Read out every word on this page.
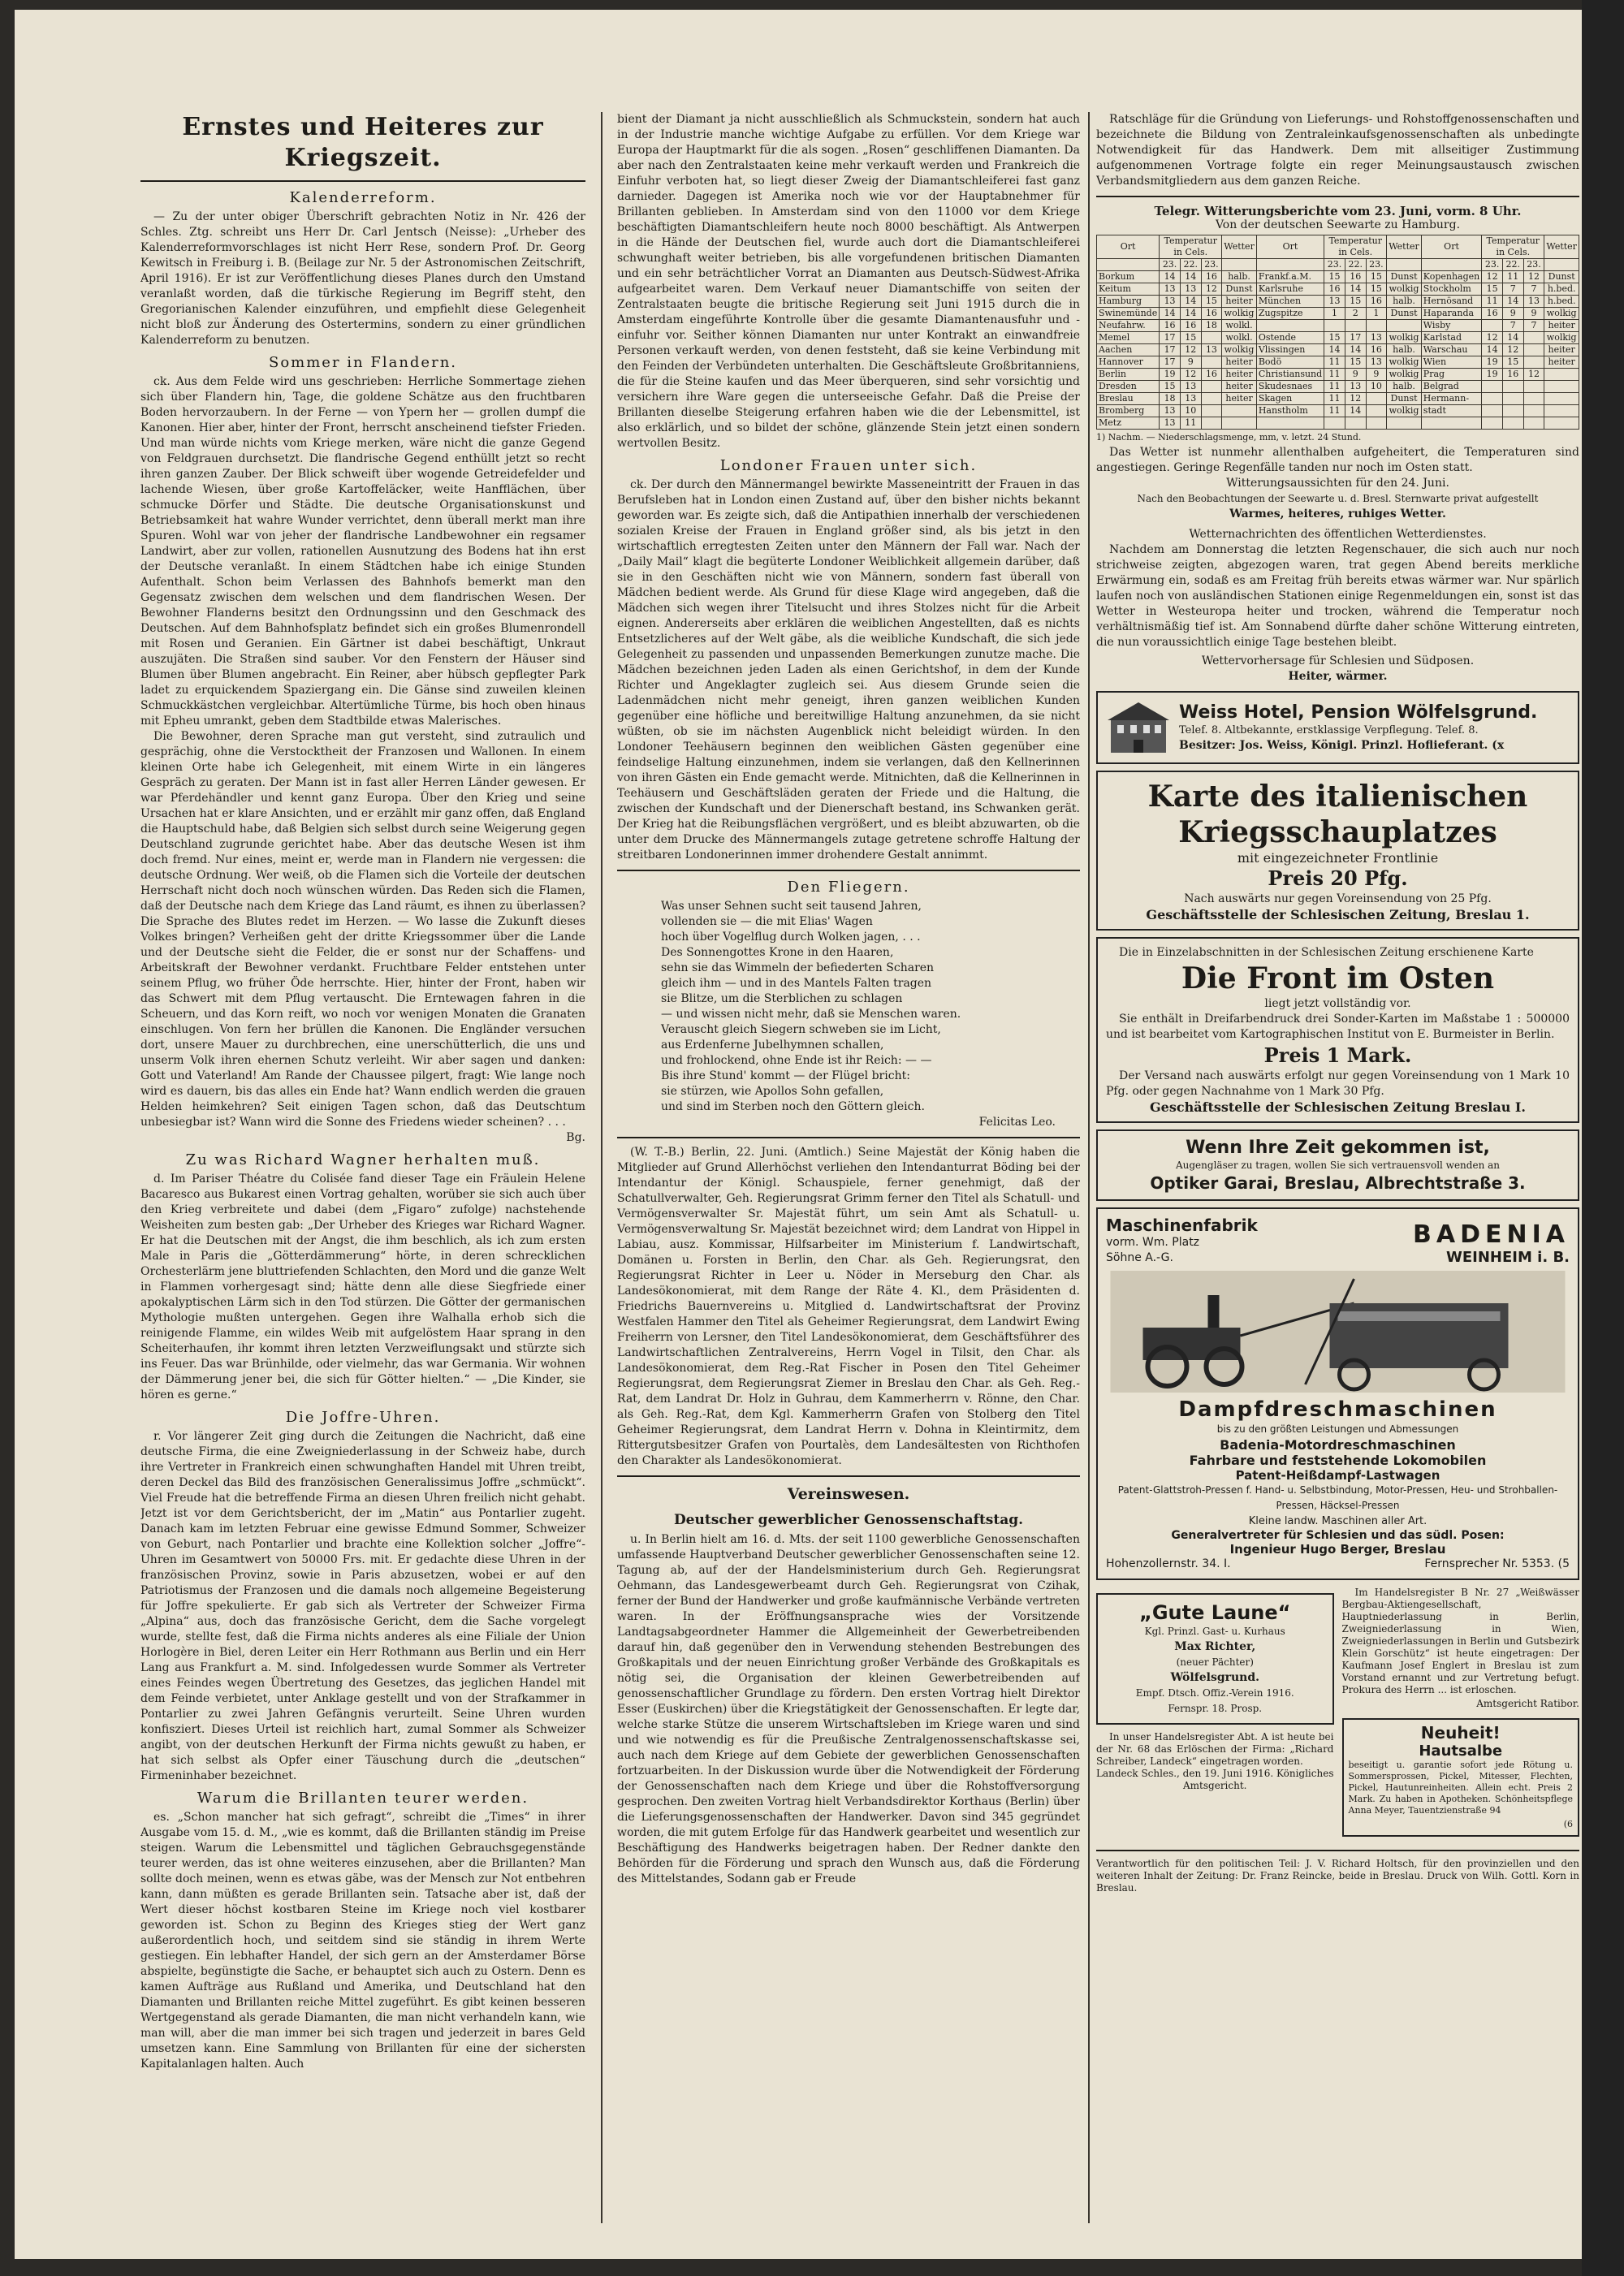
Ernstes und Heiteres zur Kriegszeit.
Kalenderreform.

— Zu der unter obiger Überschrift gebrachten Notiz in Nr. 426 der Schles. Ztg. schreibt uns Herr Dr. Carl Jentsch (Neisse): „Urheber des Kalenderreformvorschlages ist nicht Herr Rese, sondern Prof. Dr. Georg Kewitsch in Freiburg i. B. (Beilage zur Nr. 5 der Astronomischen Zeitschrift, April 1916). Er ist zur Veröffentlichung dieses Planes durch den Umstand veranlaßt worden, daß die türkische Regierung im Begriff steht, den Gregorianischen Kalender einzuführen, und empfiehlt diese Gelegenheit nicht bloß zur Änderung des Ostertermins, sondern zu einer gründlichen Kalenderreform zu benutzen.

Sommer in Flandern.

ck. Aus dem Felde wird uns geschrieben: Herrliche Sommertage ziehen sich über Flandern hin, Tage, die goldene Schätze aus den fruchtbaren Boden hervorzaubern. In der Ferne — von Ypern her — grollen dumpf die Kanonen. Hier aber, hinter der Front, herrscht anscheinend tiefster Frieden. Und man würde nichts vom Kriege merken, wäre nicht die ganze Gegend von Feldgrauen durchsetzt. Die flandrische Gegend enthüllt jetzt so recht ihren ganzen Zauber. Der Blick schweift über wogende Getreidefelder und lachende Wiesen, über große Kartoffeläcker, weite Hanfflächen, über schmucke Dörfer und Städte. Die deutsche Organisationskunst und Betriebsamkeit hat wahre Wunder verrichtet, denn überall merkt man ihre Spuren. Wohl war von jeher der flandrische Landbewohner ein regsamer Landwirt, aber zur vollen, rationellen Ausnutzung des Bodens hat ihn erst der Deutsche veranlaßt. In einem Städtchen habe ich einige Stunden Aufenthalt. Schon beim Verlassen des Bahnhofs bemerkt man den Gegensatz zwischen dem welschen und dem flandrischen Wesen. Der Bewohner Flanderns besitzt den Ordnungssinn und den Geschmack des Deutschen. Auf dem Bahnhofsplatz befindet sich ein großes Blumenrondell mit Rosen und Geranien. Ein Gärtner ist dabei beschäftigt, Unkraut auszujäten. Die Straßen sind sauber. Vor den Fenstern der Häuser sind Blumen über Blumen angebracht. Ein Reiner, aber hübsch gepflegter Park ladet zu erquickendem Spaziergang ein. Die Gänse sind zuweilen kleinen Schmuckkästchen vergleichbar. Altertümliche Türme, bis hoch oben hinaus mit Epheu umrankt, geben dem Stadtbilde etwas Malerisches.

Die Bewohner, deren Sprache man gut versteht, sind zutraulich und gesprächig, ohne die Verstocktheit der Franzosen und Wallonen. In einem kleinen Orte habe ich Gelegenheit, mit einem Wirte in ein längeres Gespräch zu geraten. Der Mann ist in fast aller Herren Länder gewesen. Er war Pferdehändler und kennt ganz Europa. Über den Krieg und seine Ursachen hat er klare Ansichten, und er erzählt mir ganz offen, daß England die Hauptschuld habe, daß Belgien sich selbst durch seine Weigerung gegen Deutschland zugrunde gerichtet habe. Aber das deutsche Wesen ist ihm doch fremd. Nur eines, meint er, werde man in Flandern nie vergessen: die deutsche Ordnung. Wer weiß, ob die Flamen sich die Vorteile der deutschen Herrschaft nicht doch noch wünschen würden. Das Reden sich die Flamen, daß der Deutsche nach dem Kriege das Land räumt, es ihnen zu überlassen? Die Sprache des Blutes redet im Herzen. — Wo lasse die Zukunft dieses Volkes bringen? Verheißen geht der dritte Kriegssommer über die Lande und der Deutsche sieht die Felder, die er sonst nur der Schaffens- und Arbeitskraft der Bewohner verdankt. Fruchtbare Felder entstehen unter seinem Pflug, wo früher Öde herrschte. Hier, hinter der Front, haben wir das Schwert mit dem Pflug vertauscht. Die Erntewagen fahren in die Scheuern, und das Korn reift, wo noch vor wenigen Monaten die Granaten einschlugen. Von fern her brüllen die Kanonen. Die Engländer versuchen dort, unsere Mauer zu durchbrechen, eine unerschütterlich, die uns und unserm Volk ihren ehernen Schutz verleiht. Wir aber sagen und danken: Gott und Vaterland! Am Rande der Chaussee pilgert, fragt: Wie lange noch wird es dauern, bis das alles ein Ende hat? Wann endlich werden die grauen Helden heimkehren? Seit einigen Tagen schon, daß das Deutschtum unbesiegbar ist? Wann wird die Sonne des Friedens wieder scheinen? . . .

Bg.

Zu was Richard Wagner herhalten muß.

d. Im Pariser Théatre du Colisée fand dieser Tage ein Fräulein Helene Bacaresco aus Bukarest einen Vortrag gehalten, worüber sie sich auch über den Krieg verbreitete und dabei (dem „Figaro“ zufolge) nachstehende Weisheiten zum besten gab: „Der Urheber des Krieges war Richard Wagner. Er hat die Deutschen mit der Angst, die ihm beschlich, als ich zum ersten Male in Paris die „Götterdämmerung“ hörte, in deren schrecklichen Orchesterlärm jene bluttriefenden Schlachten, den Mord und die ganze Welt in Flammen vorhergesagt sind; hätte denn alle diese Siegfriede einer apokalyptischen Lärm sich in den Tod stürzen. Die Götter der germanischen Mythologie mußten untergehen. Gegen ihre Walhalla erhob sich die reinigende Flamme, ein wildes Weib mit aufgelöstem Haar sprang in den Scheiterhaufen, ihr kommt ihren letzten Verzweiflungsakt und stürzte sich ins Feuer. Das war Brünhilde, oder vielmehr, das war Germania. Wir wohnen der Dämmerung jener bei, die sich für Götter hielten.“ — „Die Kinder, sie hören es gerne.“

Die Joffre-Uhren.

r. Vor längerer Zeit ging durch die Zeitungen die Nachricht, daß eine deutsche Firma, die eine Zweigniederlassung in der Schweiz habe, durch ihre Vertreter in Frankreich einen schwunghaften Handel mit Uhren treibt, deren Deckel das Bild des französischen Generalissimus Joffre „schmückt“. Viel Freude hat die betreffende Firma an diesen Uhren freilich nicht gehabt. Jetzt ist vor dem Gerichtsbericht, der im „Matin“ aus Pontarlier zugeht. Danach kam im letzten Februar eine gewisse Edmund Sommer, Schweizer von Geburt, nach Pontarlier und brachte eine Kollektion solcher „Joffre“-Uhren im Gesamtwert von 50000 Frs. mit. Er gedachte diese Uhren in der französischen Provinz, sowie in Paris abzusetzen, wobei er auf den Patriotismus der Franzosen und die damals noch allgemeine Begeisterung für Joffre spekulierte. Er gab sich als Vertreter der Schweizer Firma „Alpina“ aus, doch das französische Gericht, dem die Sache vorgelegt wurde, stellte fest, daß die Firma nichts anderes als eine Filiale der Union Horlogère in Biel, deren Leiter ein Herr Rothmann aus Berlin und ein Herr Lang aus Frankfurt a. M. sind. Infolgedessen wurde Sommer als Vertreter eines Feindes wegen Übertretung des Gesetzes, das jeglichen Handel mit dem Feinde verbietet, unter Anklage gestellt und von der Strafkammer in Pontarlier zu zwei Jahren Gefängnis verurteilt. Seine Uhren wurden konfisziert. Dieses Urteil ist reichlich hart, zumal Sommer als Schweizer angibt, von der deutschen Herkunft der Firma nichts gewußt zu haben, er hat sich selbst als Opfer einer Täuschung durch die „deutschen“ Firmeninhaber bezeichnet.

Warum die Brillanten teurer werden.

es. „Schon mancher hat sich gefragt“, schreibt die „Times“ in ihrer Ausgabe vom 15. d. M., „wie es kommt, daß die Brillanten ständig im Preise steigen. Warum die Lebensmittel und täglichen Gebrauchsgegenstände teurer werden, das ist ohne weiteres einzusehen, aber die Brillanten? Man sollte doch meinen, wenn es etwas gäbe, was der Mensch zur Not entbehren kann, dann müßten es gerade Brillanten sein. Tatsache aber ist, daß der Wert dieser höchst kostbaren Steine im Kriege noch viel kostbarer geworden ist. Schon zu Beginn des Krieges stieg der Wert ganz außerordentlich hoch, und seitdem sind sie ständig in ihrem Werte gestiegen. Ein lebhafter Handel, der sich gern an der Amsterdamer Börse abspielte, begünstigte die Sache, er behauptet sich auch zu Ostern. Denn es kamen Aufträge aus Rußland und Amerika, und Deutschland hat den Diamanten und Brillanten reiche Mittel zugeführt. Es gibt keinen besseren Wertgegenstand als gerade Diamanten, die man nicht verhandeln kann, wie man will, aber die man immer bei sich tragen und jederzeit in bares Geld umsetzen kann. Eine Sammlung von Brillanten für eine der sichersten Kapitalanlagen halten. Auch

bient der Diamant ja nicht ausschließlich als Schmuckstein, sondern hat auch in der Industrie manche wichtige Aufgabe zu erfüllen. Vor dem Kriege war Europa der Hauptmarkt für die als sogen. „Rosen“ geschliffenen Diamanten. Da aber nach den Zentralstaaten keine mehr verkauft werden und Frankreich die Einfuhr verboten hat, so liegt dieser Zweig der Diamantschleiferei fast ganz darnieder. Dagegen ist Amerika noch wie vor der Hauptabnehmer für Brillanten geblieben. In Amsterdam sind von den 11000 vor dem Kriege beschäftigten Diamantschleifern heute noch 8000 beschäftigt. Als Antwerpen in die Hände der Deutschen fiel, wurde auch dort die Diamantschleiferei schwunghaft weiter betrieben, bis alle vorgefundenen britischen Diamanten und ein sehr beträchtlicher Vorrat an Diamanten aus Deutsch-Südwest-Afrika aufgearbeitet waren. Dem Verkauf neuer Diamantschiffe von seiten der Zentralstaaten beugte die britische Regierung seit Juni 1915 durch die in Amsterdam eingeführte Kontrolle über die gesamte Diamantenausfuhr und -einfuhr vor. Seither können Diamanten nur unter Kontrakt an einwandfreie Personen verkauft werden, von denen feststeht, daß sie keine Verbindung mit den Feinden der Verbündeten unterhalten. Die Geschäftsleute Großbritanniens, die für die Steine kaufen und das Meer überqueren, sind sehr vorsichtig und versichern ihre Ware gegen die unterseeische Gefahr. Daß die Preise der Brillanten dieselbe Steigerung erfahren haben wie die der Lebensmittel, ist also erklärlich, und so bildet der schöne, glänzende Stein jetzt einen sondern wertvollen Besitz.

Londoner Frauen unter sich.

ck. Der durch den Männermangel bewirkte Masseneintritt der Frauen in das Berufsleben hat in London einen Zustand auf, über den bisher nichts bekannt geworden war. Es zeigte sich, daß die Antipathien innerhalb der verschiedenen sozialen Kreise der Frauen in England größer sind, als bis jetzt in den wirtschaftlich erregtesten Zeiten unter den Männern der Fall war. Nach der „Daily Mail“ klagt die begüterte Londoner Weiblichkeit allgemein darüber, daß sie in den Geschäften nicht wie von Männern, sondern fast überall von Mädchen bedient werde. Als Grund für diese Klage wird angegeben, daß die Mädchen sich wegen ihrer Titelsucht und ihres Stolzes nicht für die Arbeit eignen. Andererseits aber erklären die weiblichen Angestellten, daß es nichts Entsetzlicheres auf der Welt gäbe, als die weibliche Kundschaft, die sich jede Gelegenheit zu passenden und unpassenden Bemerkungen zunutze mache. Die Mädchen bezeichnen jeden Laden als einen Gerichtshof, in dem der Kunde Richter und Angeklagter zugleich sei. Aus diesem Grunde seien die Ladenmädchen nicht mehr geneigt, ihren ganzen weiblichen Kunden gegenüber eine höfliche und bereitwillige Haltung anzunehmen, da sie nicht wüßten, ob sie im nächsten Augenblick nicht beleidigt würden. In den Londoner Teehäusern beginnen den weiblichen Gästen gegenüber eine feindselige Haltung einzunehmen, indem sie verlangen, daß den Kellnerinnen von ihren Gästen ein Ende gemacht werde. Mitnichten, daß die Kellnerinnen in Teehäusern und Geschäftsläden geraten der Friede und die Haltung, die zwischen der Kundschaft und der Dienerschaft bestand, ins Schwanken gerät. Der Krieg hat die Reibungsflächen vergrößert, und es bleibt abzuwarten, ob die unter dem Drucke des Männermangels zutage getretene schroffe Haltung der streitbaren Londonerinnen immer drohendere Gestalt annimmt.

Den Fliegern.

Was unser Sehnen sucht seit tausend Jahren,

vollenden sie — die mit Elias' Wagen

hoch über Vogelflug durch Wolken jagen, . . .

Des Sonnengottes Krone in den Haaren,

sehn sie das Wimmeln der befiederten Scharen

gleich ihm — und in des Mantels Falten tragen

sie Blitze, um die Sterblichen zu schlagen

— und wissen nicht mehr, daß sie Menschen waren.

Verauscht gleich Siegern schweben sie im Licht,

aus Erdenferne Jubelhymnen schallen,

und frohlockend, ohne Ende ist ihr Reich: — —

Bis ihre Stund' kommt — der Flügel bricht:

sie stürzen, wie Apollos Sohn gefallen,

und sind im Sterben noch den Göttern gleich.

Felicitas Leo.

(W. T.-B.) Berlin, 22. Juni. (Amtlich.) Seine Majestät der König haben die Mitglieder auf Grund Allerhöchst verliehen den Intendanturrat Böding bei der Intendantur der Königl. Schauspiele, ferner genehmigt, daß der Schatullverwalter, Geh. Regierungsrat Grimm ferner den Titel als Schatull- und Vermögensverwalter Sr. Majestät führt, um sein Amt als Schatull- u. Vermögensverwaltung Sr. Majestät bezeichnet wird; dem Landrat von Hippel in Labiau, ausz. Kommissar, Hilfsarbeiter im Ministerium f. Landwirtschaft, Domänen u. Forsten in Berlin, den Char. als Geh. Regierungsrat, den Regierungsrat Richter in Leer u. Nöder in Merseburg den Char. als Landesökonomierat, mit dem Range der Räte 4. Kl., dem Präsidenten d. Friedrichs Bauernvereins u. Mitglied d. Landwirtschaftsrat der Provinz Westfalen Hammer den Titel als Geheimer Regierungsrat, dem Landwirt Ewing Freiherrn von Lersner, den Titel Landesökonomierat, dem Geschäftsführer des Landwirtschaftlichen Zentralvereins, Herrn Vogel in Tilsit, den Char. als Landesökonomierat, dem Reg.-Rat Fischer in Posen den Titel Geheimer Regierungsrat, dem Regierungsrat Ziemer in Breslau den Char. als Geh. Reg.-Rat, dem Landrat Dr. Holz in Guhrau, dem Kammerherrn v. Rönne, den Char. als Geh. Reg.-Rat, dem Kgl. Kammerherrn Grafen von Stolberg den Titel Geheimer Regierungsrat, dem Landrat Herrn v. Dohna in Kleintirmitz, dem Rittergutsbesitzer Grafen von Pourtalès, dem Landesältesten von Richthofen den Charakter als Landesökonomierat.

Vereinswesen.
Deutscher gewerblicher Genossenschaftstag.

u. In Berlin hielt am 16. d. Mts. der seit 1100 gewerbliche Genossenschaften umfassende Hauptverband Deutscher gewerblicher Genossenschaften seine 12. Tagung ab, auf der der Handelsministerium durch Geh. Regierungsrat Oehmann, das Landesgewerbeamt durch Geh. Regierungsrat von Czihak, ferner der Bund der Handwerker und große kaufmännische Verbände vertreten waren. In der Eröffnungsansprache wies der Vorsitzende Landtagsabgeordneter Hammer die Allgemeinheit der Gewerbetreibenden darauf hin, daß gegenüber den in Verwendung stehenden Bestrebungen des Großkapitals und der neuen Einrichtung großer Verbände des Großkapitals es nötig sei, die Organisation der kleinen Gewerbetreibenden auf genossenschaftlicher Grundlage zu fördern. Den ersten Vortrag hielt Direktor Esser (Euskirchen) über die Kriegstätigkeit der Genossenschaften. Er legte dar, welche starke Stütze die unserem Wirtschaftsleben im Kriege waren und sind und wie notwendig es für die Preußische Zentralgenossenschaftskasse sei, auch nach dem Kriege auf dem Gebiete der gewerblichen Genossenschaften fortzuarbeiten. In der Diskussion wurde über die Notwendigkeit der Förderung der Genossenschaften nach dem Kriege und über die Rohstoffversorgung gesprochen. Den zweiten Vortrag hielt Verbandsdirektor Korthaus (Berlin) über die Lieferungsgenossenschaften der Handwerker. Davon sind 345 gegründet worden, die mit gutem Erfolge für das Handwerk gearbeitet und wesentlich zur Beschäftigung des Handwerks beigetragen haben. Der Redner dankte den Behörden für die Förderung und sprach den Wunsch aus, daß die Förderung des Mittelstandes, Sodann gab er Freude

Ratschläge für die Gründung von Lieferungs- und Rohstoffgenossenschaften und bezeichnete die Bildung von Zentraleinkaufsgenossenschaften als unbedingte Notwendigkeit für das Handwerk. Dem mit allseitiger Zustimmung aufgenommenen Vortrage folgte ein reger Meinungsaustausch zwischen Verbandsmitgliedern aus dem ganzen Reiche.

Telegr. Witterungsberichte vom 23. Juni, vorm. 8 Uhr.
Von der deutschen Seewarte zu Hamburg.
Ort	Temperatur in Cels.			Wetter	Ort	Temperatur in Cels.			Wetter	Ort	Temperatur in Cels.			Wetter
	23.	22.	23.			23.	22.	23.			23.	22.	23.	
Borkum	14	14	16	halb.	Frankf.a.M.	15	16	15	Dunst	Kopenhagen	12	11	12	Dunst
Keitum	13	13	12	Dunst	Karlsruhe	16	14	15	wolkig	Stockholm	15	7	7	h.bed.
Hamburg	13	14	15	heiter	München	13	15	16	halb.	Hernösand	11	14	13	h.bed.
Swinemünde	14	14	16	wolkig	Zugspitze	1	2	1	Dunst	Haparanda	16	9	9	wolkig
Neufahrw.	16	16	18	wolkl.						Wisby		7	7	heiter
Memel	17	15		wolkl.	Ostende	15	17	13	wolkig	Karlstad	12	14		wolkig
Aachen	17	12	13	wolkig	Vlissingen	14	14	16	halb.	Warschau	14	12		heiter
Hannover	17	9		heiter	Bodö	11	15	13	wolkig	Wien	19	15		heiter
Berlin	19	12	16	heiter	Christiansund	11	9	9	wolkig	Prag	19	16	12	
Dresden	15	13		heiter	Skudesnaes	11	13	10	halb.	Belgrad				
Breslau	18	13		heiter	Skagen	11	12		Dunst	Hermann-				
Bromberg	13	10			Hanstholm	11	14		wolkig	stadt				
Metz	13	11												

1) Nachm. — Niederschlagsmenge, mm, v. letzt. 24 Stund.

Das Wetter ist nunmehr allenthalben aufgeheitert, die Temperaturen sind angestiegen. Geringe Regenfälle tanden nur noch im Osten statt.

Witterungsaussichten für den 24. Juni.
Nach den Beobachtungen der Seewarte u. d. Bresl. Sternwarte privat aufgestellt
Warmes, heiteres, ruhiges Wetter.
Wetternachrichten des öffentlichen Wetterdienstes.

Nachdem am Donnerstag die letzten Regenschauer, die sich auch nur noch strichweise zeigten, abgezogen waren, trat gegen Abend bereits merkliche Erwärmung ein, sodaß es am Freitag früh bereits etwas wärmer war. Nur spärlich laufen noch von ausländischen Stationen einige Regenmeldungen ein, sonst ist das Wetter in Westeuropa heiter und trocken, während die Temperatur noch verhältnismäßig tief ist. Am Sonnabend dürfte daher schöne Witterung eintreten, die nun voraussichtlich einige Tage bestehen bleibt.

Wettervorhersage für Schlesien und Südposen.
Heiter, wärmer.
Weiss Hotel, Pension Wölfelsgrund.
Telef. 8. Altbekannte, erstklassige Verpflegung. Telef. 8.
Besitzer: Jos. Weiss, Königl. Prinzl. Hoflieferant. (x
Karte des italienischen
Kriegsschauplatzes
mit eingezeichneter Frontlinie
Preis 20 Pfg.
Nach auswärts nur gegen Voreinsendung von 25 Pfg.
Geschäftsstelle der Schlesischen Zeitung, Breslau 1.

Die in Einzelabschnitten in der Schlesischen Zeitung erschienene Karte

Die Front im Osten
liegt jetzt vollständig vor.

Sie enthält in Dreifarbendruck drei Sonder-Karten im Maßstabe 1 : 500000 und ist bearbeitet vom Kartographischen Institut von E. Burmeister in Berlin.

Preis 1 Mark.

Der Versand nach auswärts erfolgt nur gegen Voreinsendung von 1 Mark 10 Pfg. oder gegen Nachnahme von 1 Mark 30 Pfg.

Geschäftsstelle der Schlesischen Zeitung Breslau I.
Wenn Ihre Zeit gekommen ist,
Augengläser zu tragen, wollen Sie sich vertrauensvoll wenden an
Optiker Garai, Breslau, Albrechtstraße 3.
Maschinenfabrik
vorm. Wm. Platz
Söhne A.-G.
BADENIA
WEINHEIM i. B.
Dampfdreschmaschinen
bis zu den größten Leistungen und Abmessungen
Badenia-Motordreschmaschinen
Fahrbare und feststehende Lokomobilen
Patent-Heißdampf-Lastwagen
Patent-Glattstroh-Pressen f. Hand- u. Selbstbindung, Motor-Pressen, Heu- und Strohballen-Pressen, Häcksel-Pressen
Kleine landw. Maschinen aller Art.
Generalvertreter für Schlesien und das südl. Posen:
Ingenieur Hugo Berger, Breslau
Hohenzollernstr. 34. I.	Fernsprecher Nr. 5353. (5
„Gute Laune“
Kgl. Prinzl. Gast- u. Kurhaus
Max Richter,
(neuer Pächter)
Wölfelsgrund.
Empf. Dtsch. Offiz.-Verein 1916.
Fernspr. 18. Prosp.

In unser Handelsregister Abt. A ist heute bei der Nr. 68 das Erlöschen der Firma: „Richard Schreiber, Landeck“ eingetragen worden.

Landeck Schles., den 19. Juni 1916. Königliches Amtsgericht.

Im Handelsregister B Nr. 27 „Weißwässer Bergbau-Aktiengesellschaft, Hauptniederlassung in Berlin, Zweigniederlassung in Wien, Zweigniederlassungen in Berlin und Gutsbezirk Klein Gorschütz“ ist heute eingetragen: Der Kaufmann Josef Englert in Breslau ist zum Vorstand ernannt und zur Vertretung befugt. Prokura des Herrn ... ist erloschen.

Amtsgericht Ratibor.

Neuheit!
Hautsalbe

beseitigt u. garantie sofort jede Rötung u. Sommersprossen, Pickel, Mitesser, Flechten, Pickel, Hautunreinheiten. Allein echt. Preis 2 Mark. Zu haben in Apotheken. Schönheitspflege Anna Meyer, Tauentzienstraße 94

(6

Verantwortlich für den politischen Teil: J. V. Richard Holtsch, für den provinziellen und den weiteren Inhalt der Zeitung: Dr. Franz Reincke, beide in Breslau. Druck von Wilh. Gottl. Korn in Breslau.
